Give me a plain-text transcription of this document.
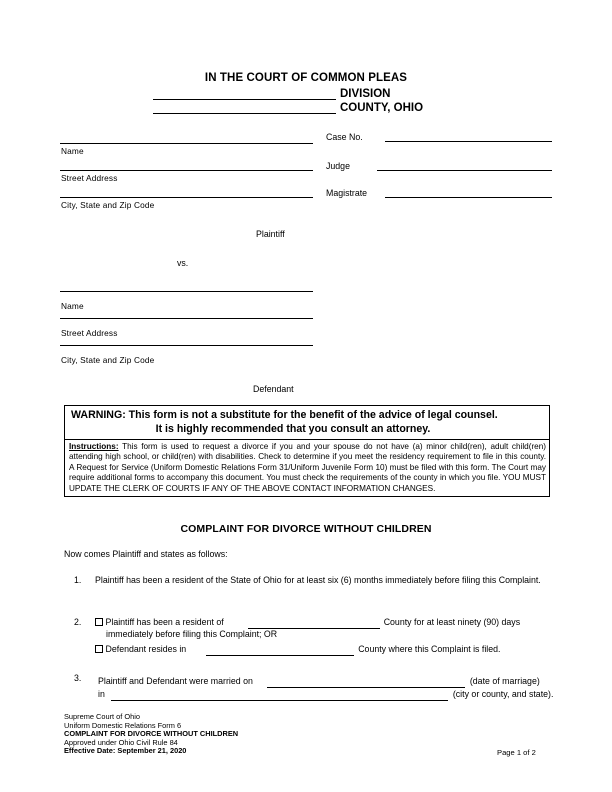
IN THE COURT OF COMMON PLEAS
DIVISION
COUNTY, OHIO
Name
Street Address
City, State and Zip Code
Plaintiff
vs.
Name
Street Address
City, State and Zip Code
Defendant
Case No.
Judge
Magistrate
WARNING: This form is not a substitute for the benefit of the advice of legal counsel.
It is highly recommended that you consult an attorney.
Instructions: This form is used to request a divorce if you and your spouse do not have (a) minor child(ren), adult child(ren) attending high school, or child(ren) with disabilities. Check to determine if you meet the residency requirement to file in this county. A Request for Service (Uniform Domestic Relations Form 31/Uniform Juvenile Form 10) must be filed with this form. The Court may require additional forms to accompany this document. You must check the requirements of the county in which you file. YOU MUST UPDATE THE CLERK OF COURTS IF ANY OF THE ABOVE CONTACT INFORMATION CHANGES.
COMPLAINT FOR DIVORCE WITHOUT CHILDREN
Now comes Plaintiff and states as follows:
1. Plaintiff has been a resident of the State of Ohio for at least six (6) months immediately before filing this Complaint.
2.	Plaintiff has been a resident of	County for at least ninety (90) days
immediately before filing this Complaint; OR
Defendant resides in	County where this Complaint is filed.
3. Plaintiff and Defendant were married on	(date of marriage)
in	(city or county, and state).
Supreme Court of Ohio
Uniform Domestic Relations Form 6
COMPLAINT FOR DIVORCE WITHOUT CHILDREN
Approved under Ohio Civil Rule 84
Effective Date: September 21, 2020	Page 1 of 2
